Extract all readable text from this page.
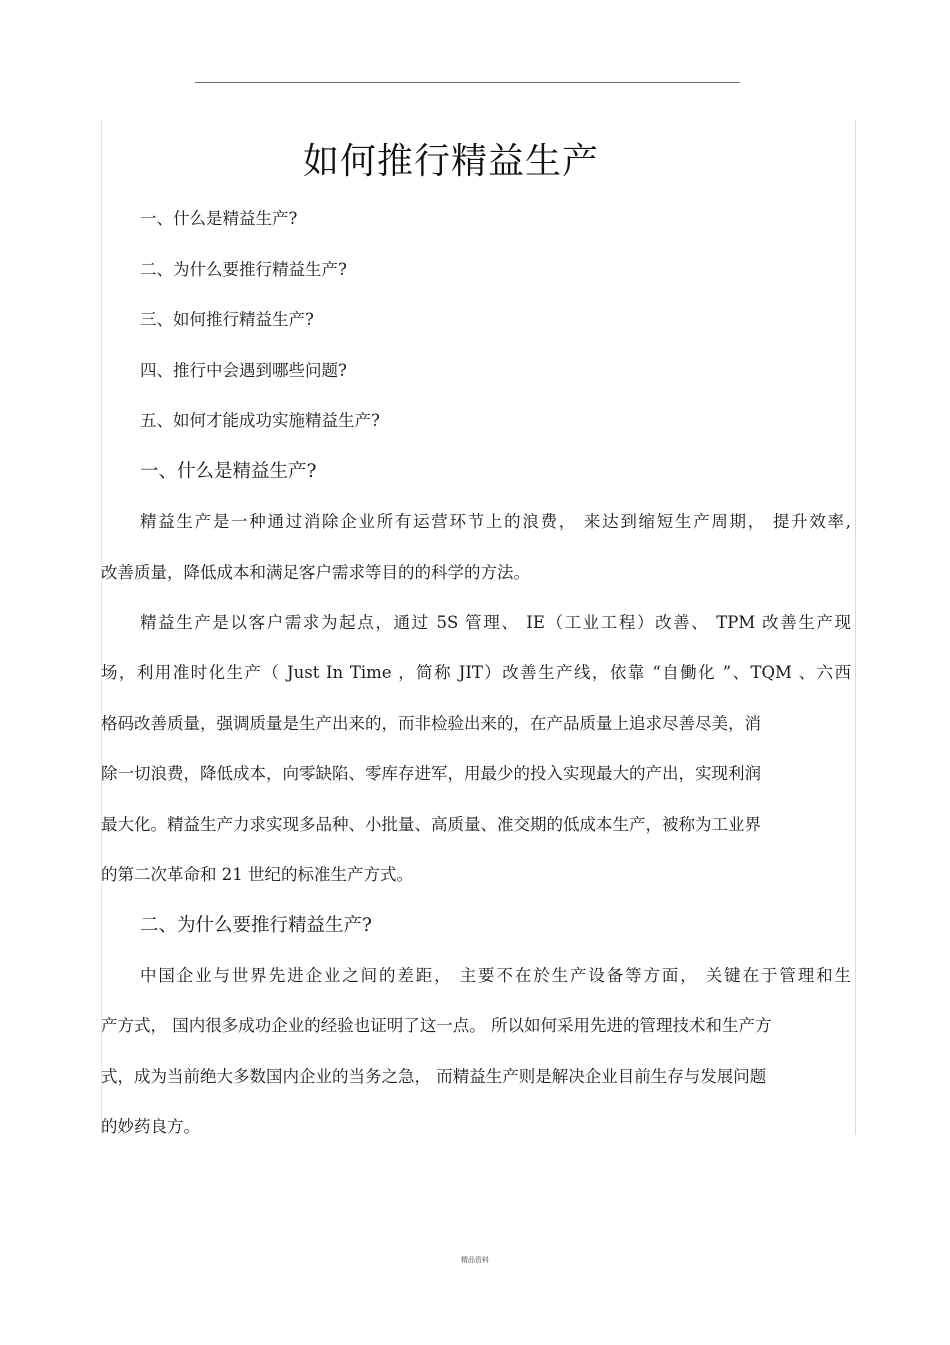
如何推行精益生产
一、什么是精益生产?
二、为什么要推行精益生产?
三、如何推行精益生产?
四、推行中会遇到哪些问题?
五、如何才能成功实施精益生产?
一、什么是精益生产?
精益生产是一种通过消除企业所有运营环节上的浪费， 来达到缩短生产周期， 提升效率,
改善质量，降低成本和满足客户需求等目的的科学的方法。
精益生产是以客户需求为起点，通过 5S 管理、 IE（工业工程）改善、 TPM 改善生产现
场，利用准时化生产（ Just In Time ，简称 JIT）改善生产线，依靠 “自働化 ”、TQM 、六西
格码改善质量，强调质量是生产出来的，而非检验出来的，在产品质量上追求尽善尽美，消
除一切浪费，降低成本，向零缺陷、零库存进军，用最少的投入实现最大的产出，实现利润
最大化。精益生产力求实现多品种、小批量、高质量、准交期的低成本生产，被称为工业界
的第二次革命和 21 世纪的标准生产方式。
二、为什么要推行精益生产?
中国企业与世界先进企业之间的差距， 主要不在於生产设备等方面， 关键在于管理和生
产方式， 国内很多成功企业的经验也证明了这一点。 所以如何采用先进的管理技术和生产方
式，成为当前绝大多数国内企业的当务之急， 而精益生产则是解决企业目前生存与发展问题
的妙药良方。
精品资料
